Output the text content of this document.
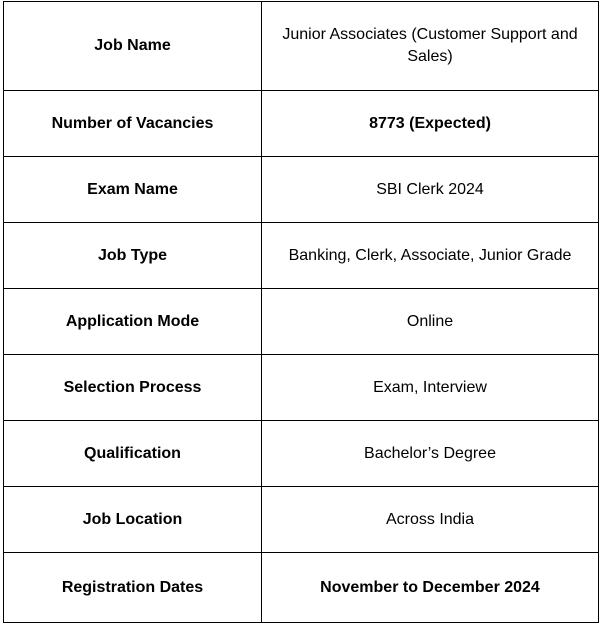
Job Name	Junior Associates (Customer Support and Sales)
Number of Vacancies	8773 (Expected)
Exam Name	SBI Clerk 2024
Job Type	Banking, Clerk, Associate, Junior Grade
Application Mode	Online
Selection Process	Exam, Interview
Qualification	Bachelor’s Degree
Job Location	Across India
Registration Dates	November to December 2024
